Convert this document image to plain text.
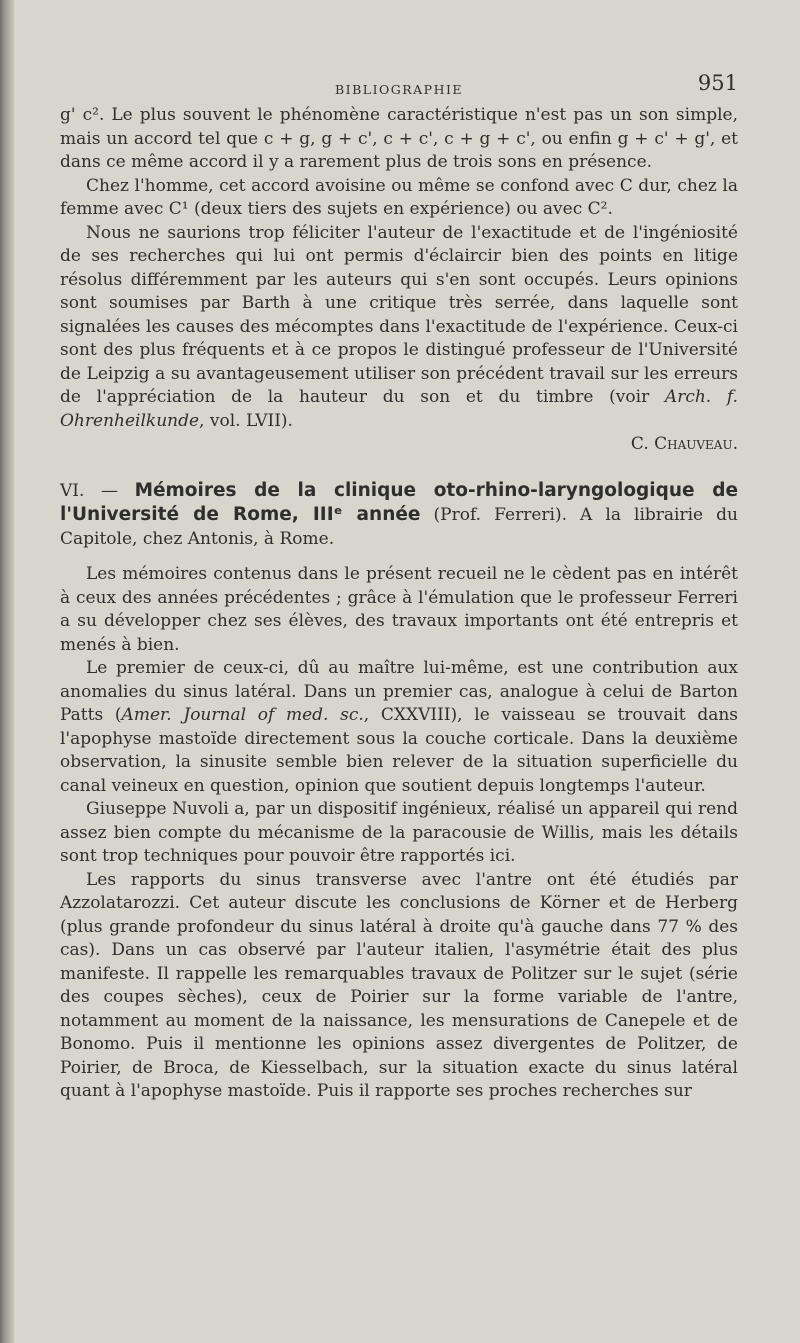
BIBLIOGRAPHIE	951

g' c². Le plus souvent le phénomène caractéristique n'est pas un son simple, mais un accord tel que c + g, g + c', c + c', c + g + c', ou enfin g + c' + g', et dans ce même accord il y a rarement plus de trois sons en présence.

Chez l'homme, cet accord avoisine ou même se confond avec C dur, chez la femme avec C¹ (deux tiers des sujets en expérience) ou avec C².

Nous ne saurions trop féliciter l'auteur de l'exactitude et de l'ingéniosité de ses recherches qui lui ont permis d'éclaircir bien des points en litige résolus différemment par les auteurs qui s'en sont occupés. Leurs opinions sont soumises par Barth à une critique très serrée, dans laquelle sont signalées les causes des mécomptes dans l'exactitude de l'expérience. Ceux-ci sont des plus fréquents et à ce propos le distingué professeur de l'Université de Leipzig a su avantageusement utiliser son précédent travail sur les erreurs de l'appréciation de la hauteur du son et du timbre (voir Arch. f. Ohrenheilkunde, vol. LVII).

C. Chauveau.

VI. — Mémoires de la clinique oto-rhino-laryngologique de l'Université de Rome, IIIᵉ année (Prof. Ferreri). A la librairie du Capitole, chez Antonis, à Rome.

Les mémoires contenus dans le présent recueil ne le cèdent pas en intérêt à ceux des années précédentes ; grâce à l'émulation que le professeur Ferreri a su développer chez ses élèves, des travaux importants ont été entrepris et menés à bien.

Le premier de ceux-ci, dû au maître lui-même, est une contribution aux anomalies du sinus latéral. Dans un premier cas, analogue à celui de Barton Patts (Amer. Journal of med. sc., CXXVIII), le vaisseau se trouvait dans l'apophyse mastoïde directement sous la couche corticale. Dans la deuxième observation, la sinusite semble bien relever de la situation superficielle du canal veineux en question, opinion que soutient depuis longtemps l'auteur.

Giuseppe Nuvoli a, par un dispositif ingénieux, réalisé un appareil qui rend assez bien compte du mécanisme de la paracousie de Willis, mais les détails sont trop techniques pour pouvoir être rapportés ici.

Les rapports du sinus transverse avec l'antre ont été étudiés par Azzolatarozzi. Cet auteur discute les conclusions de Körner et de Herberg (plus grande profondeur du sinus latéral à droite qu'à gauche dans 77 % des cas). Dans un cas observé par l'auteur italien, l'asymétrie était des plus manifeste. Il rappelle les remarquables travaux de Politzer sur le sujet (série des coupes sèches), ceux de Poirier sur la forme variable de l'antre, notamment au moment de la naissance, les mensurations de Canepele et de Bonomo. Puis il mentionne les opinions assez divergentes de Politzer, de Poirier, de Broca, de Kiesselbach, sur la situation exacte du sinus latéral quant à l'apophyse mastoïde. Puis il rapporte ses proches recherches sur
